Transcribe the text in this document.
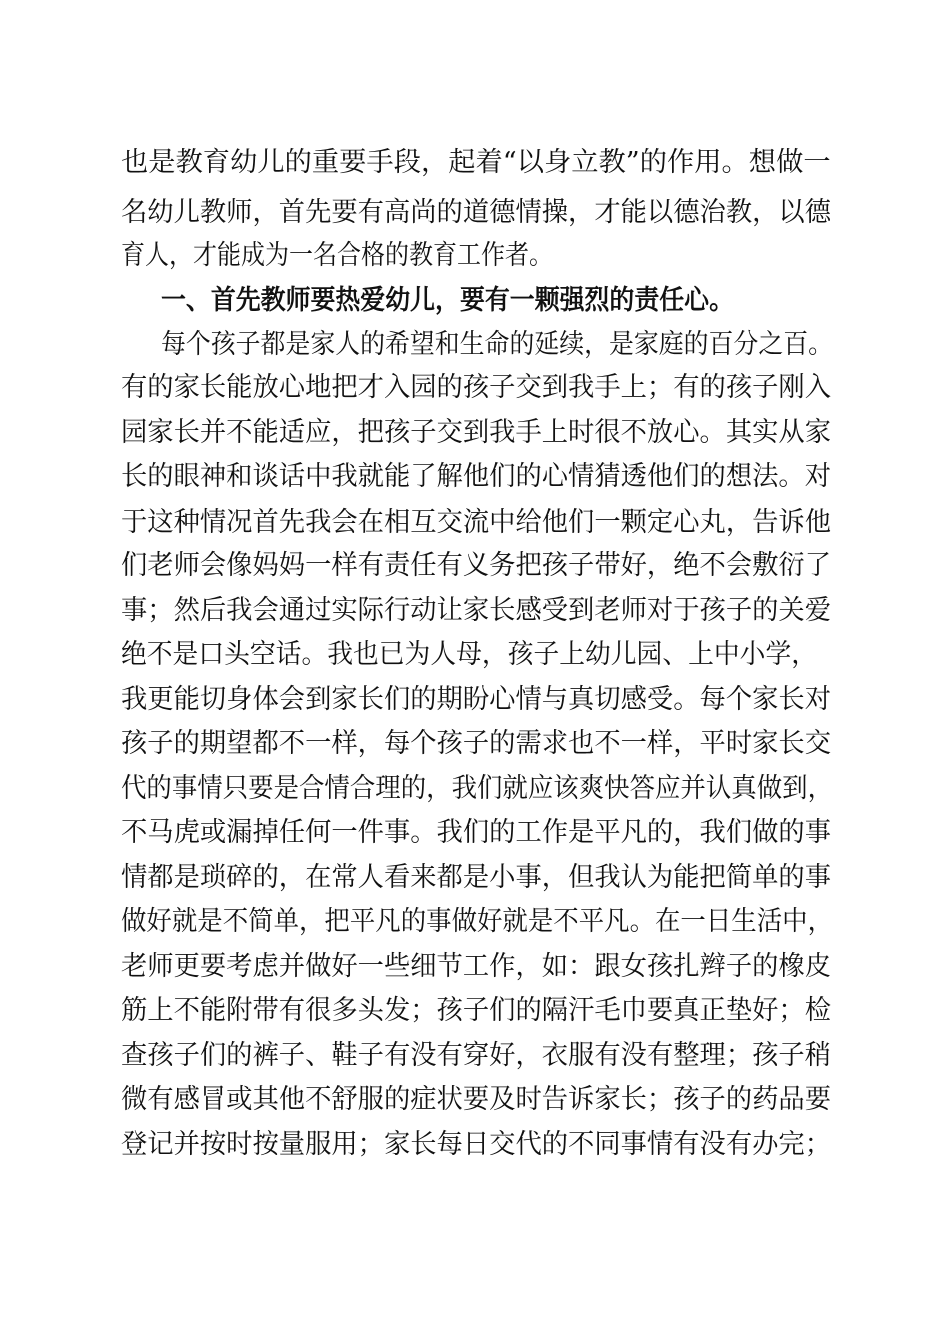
也是教育幼儿的重要手段，起着“以身立教”的作用。想做一

名幼儿教师，首先要有高尚的道德情操，才能以德治教，以德

育人，才能成为一名合格的教育工作者。

一、首先教师要热爱幼儿，要有一颗强烈的责任心。

每个孩子都是家人的希望和生命的延续，是家庭的百分之百。

有的家长能放心地把才入园的孩子交到我手上；有的孩子刚入

园家长并不能适应，把孩子交到我手上时很不放心。其实从家

长的眼神和谈话中我就能了解他们的心情猜透他们的想法。对

于这种情况首先我会在相互交流中给他们一颗定心丸，告诉他

们老师会像妈妈一样有责任有义务把孩子带好，绝不会敷衍了

事；然后我会通过实际行动让家长感受到老师对于孩子的关爱

绝不是口头空话。我也已为人母，孩子上幼儿园、上中小学，

我更能切身体会到家长们的期盼心情与真切感受。每个家长对

孩子的期望都不一样，每个孩子的需求也不一样，平时家长交

代的事情只要是合情合理的，我们就应该爽快答应并认真做到，

不马虎或漏掉任何一件事。我们的工作是平凡的，我们做的事

情都是琐碎的，在常人看来都是小事，但我认为能把简单的事

做好就是不简单，把平凡的事做好就是不平凡。在一日生活中，

老师更要考虑并做好一些细节工作，如：跟女孩扎辫子的橡皮

筋上不能附带有很多头发；孩子们的隔汗毛巾要真正垫好；检

查孩子们的裤子、鞋子有没有穿好，衣服有没有整理；孩子稍

微有感冒或其他不舒服的症状要及时告诉家长；孩子的药品要

登记并按时按量服用；家长每日交代的不同事情有没有办完；
